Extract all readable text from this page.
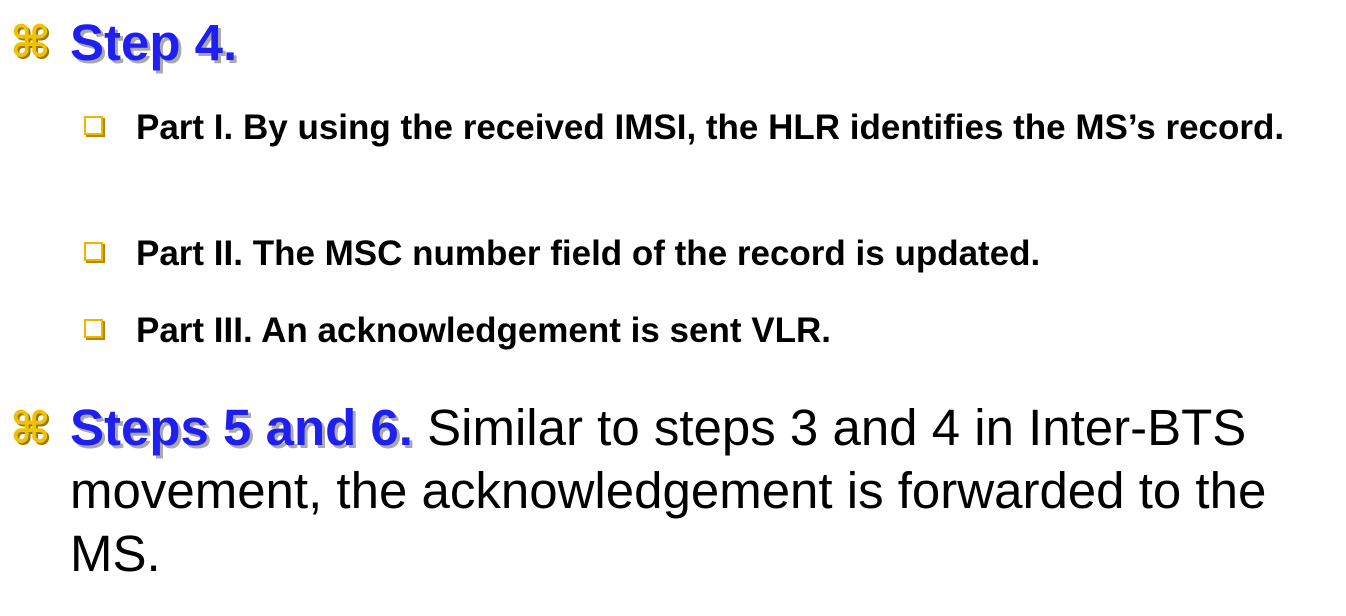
⌘ Step 4.
Part I. By using the received IMSI, the HLR identifies the MS’s record.
Part II. The MSC number field of the record is updated.
Part III. An acknowledgement is sent VLR.
⌘ Steps 5 and 6. Similar to steps 3 and 4 in Inter-BTS movement, the acknowledgement is forwarded to the MS.
